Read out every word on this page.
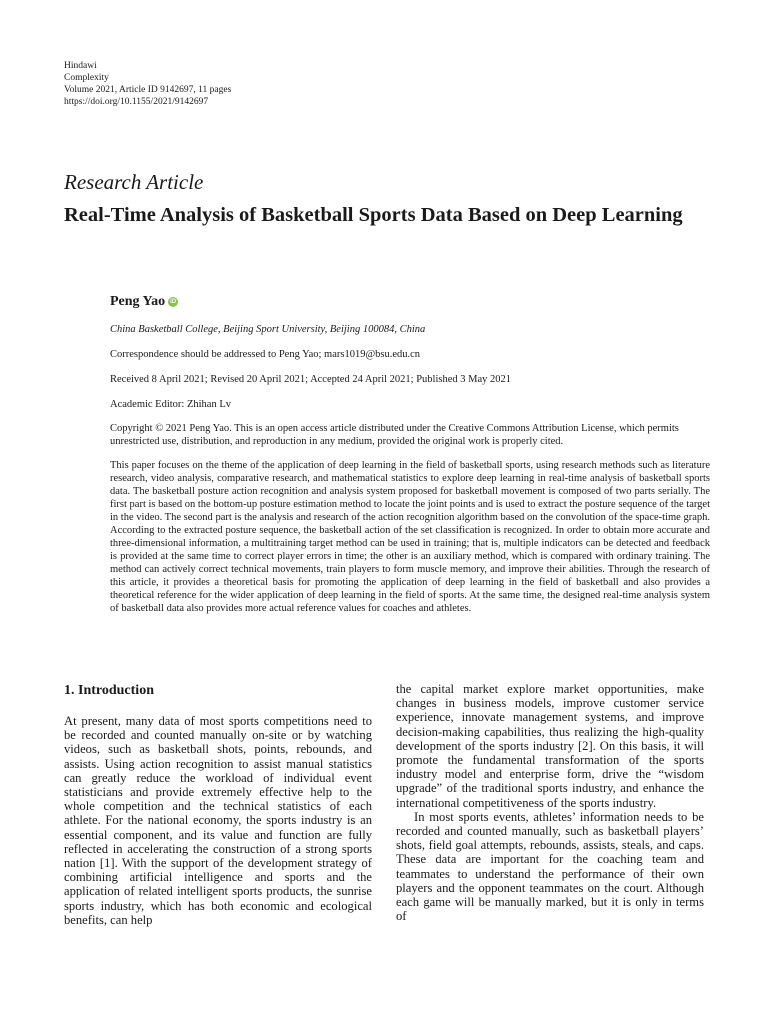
Hindawi
Complexity
Volume 2021, Article ID 9142697, 11 pages
https://doi.org/10.1155/2021/9142697
Research Article
Real-Time Analysis of Basketball Sports Data Based on Deep Learning
Peng Yao iD
China Basketball College, Beijing Sport University, Beijing 100084, China
Correspondence should be addressed to Peng Yao; mars1019@bsu.edu.cn
Received 8 April 2021; Revised 20 April 2021; Accepted 24 April 2021; Published 3 May 2021
Academic Editor: Zhihan Lv
Copyright © 2021 Peng Yao. This is an open access article distributed under the Creative Commons Attribution License, which permits unrestricted use, distribution, and reproduction in any medium, provided the original work is properly cited.
This paper focuses on the theme of the application of deep learning in the field of basketball sports, using research methods such as literature research, video analysis, comparative research, and mathematical statistics to explore deep learning in real-time analysis of basketball sports data. The basketball posture action recognition and analysis system proposed for basketball movement is composed of two parts serially. The first part is based on the bottom-up posture estimation method to locate the joint points and is used to extract the posture sequence of the target in the video. The second part is the analysis and research of the action recognition algorithm based on the convolution of the space-time graph. According to the extracted posture sequence, the basketball action of the set classification is recognized. In order to obtain more accurate and three-dimensional information, a multitraining target method can be used in training; that is, multiple indicators can be detected and feedback is provided at the same time to correct player errors in time; the other is an auxiliary method, which is compared with ordinary training. The method can actively correct technical movements, train players to form muscle memory, and improve their abilities. Through the research of this article, it provides a theoretical basis for promoting the application of deep learning in the field of basketball and also provides a theoretical reference for the wider application of deep learning in the field of sports. At the same time, the designed real-time analysis system of basketball data also provides more actual reference values for coaches and athletes.
1. Introduction

At present, many data of most sports competitions need to be recorded and counted manually on-site or by watching videos, such as basketball shots, points, rebounds, and assists. Using action recognition to assist manual statistics can greatly reduce the workload of individual event statisticians and provide extremely effective help to the whole competition and the technical statistics of each athlete. For the national economy, the sports industry is an essential component, and its value and function are fully reflected in accelerating the construction of a strong sports nation [1]. With the support of the development strategy of combining artificial intelligence and sports and the application of related intelligent sports products, the sunrise sports industry, which has both economic and ecological benefits, can help

the capital market explore market opportunities, make changes in business models, improve customer service experience, innovate management systems, and improve decision-making capabilities, thus realizing the high-quality development of the sports industry [2]. On this basis, it will promote the fundamental transformation of the sports industry model and enterprise form, drive the “wisdom upgrade” of the traditional sports industry, and enhance the international competitiveness of the sports industry.

In most sports events, athletes’ information needs to be recorded and counted manually, such as basketball players’ shots, field goal attempts, rebounds, assists, steals, and caps. These data are important for the coaching team and teammates to understand the performance of their own players and the opponent teammates on the court. Although each game will be manually marked, but it is only in terms of
